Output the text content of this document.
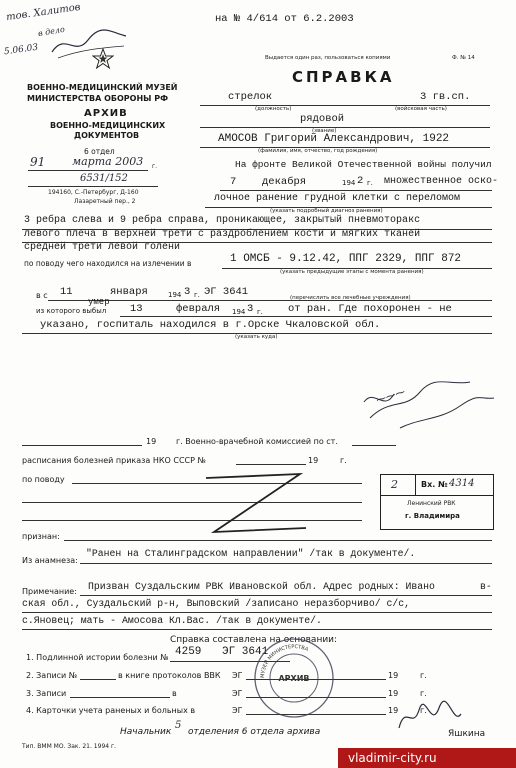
тов. Халитов
5.06.03
в дело
на № 4/614 от 6.2.2003
Выдается один раз, пользоваться копиями	Ф. № 14
СПРАВКА
ВОЕННО-МЕДИЦИНСКИЙ МУЗЕЙ
МИНИСТЕРСТВА ОБОРОНЫ РФ
АРХИВ
ВОЕННО-МЕДИЦИНСКИХ
ДОКУМЕНТОВ
6 отдел
91 марта 2003 г.
6531/152
194160, С.-Петербург, Д-160
Лазаретный пер., 2
стрелок	3 гв.сп.
(должность)	(войсковая часть)
рядовой
(звание)
АМОСОВ Григорий Александрович, 1922
(фамилия, имя, отчество, год рождения)
На фронте Великой Отечественной войны получил
7 декабря	194 2 г. множественное оско-
лочное ранение грудной клетки с переломом
(указать подробный диагноз ранения)
3 ребра слева и 9 ребра справа, проникающее, закрытый пневмоторакс
левого плеча в верхней трети с раздроблением кости и мягких тканей
средней трети левой голени
по поводу чего находился на излечении в	1 ОМСБ - 9.12.42, ППГ 2329, ППГ 872
(указать предыдущие этапы с момента ранения)
в с 11	января	194 3 г. ЭГ 3641	(перечислить все лечебные учреждения)
умер
из которого выбыл 13	февраля 194 3 г. от ран. Где похоронен - не
указано, госпиталь находился в г.Орске Чкаловской обл.
(указать куда)
⁓⁓⁓
19 г. Военно-врачебной комиссией по ст.
расписания болезней приказа НКО СССР №	19	г.
по поводу
признан:
Вх. № 4314
2
Ленинский РВК
г. Владимира
Из анамнеза:
"Ранен на Сталинградском направлении" /так в документе/.
Примечание: Призван Суздальским РВК Ивановской обл. Адрес родных: Ивано	в-
ская обл., Суздальский р-н, Выповский /записано неразборчиво/ с/с,
с.Яновец; мать - Амосова Кл.Вас. /так в документе/.
Справка составлена на основании:
1. Подлинной истории болезни № 4259 ЭГ 3641
2. Записи №	в книге протоколов ВВК ЭГ	19	г.
3. Записи	в	ЭГ	19	г.
4. Карточки учета раненых и больных в	ЭГ	19	г.
МУЗЕЙ МИНИСТЕРСТВА
АРХИВ
Начальник
5
отделения 6 отдела архива	Яшкина
Тип. ВММ МО. Зак. 21. 1994 г.
vladimir-city.ru
